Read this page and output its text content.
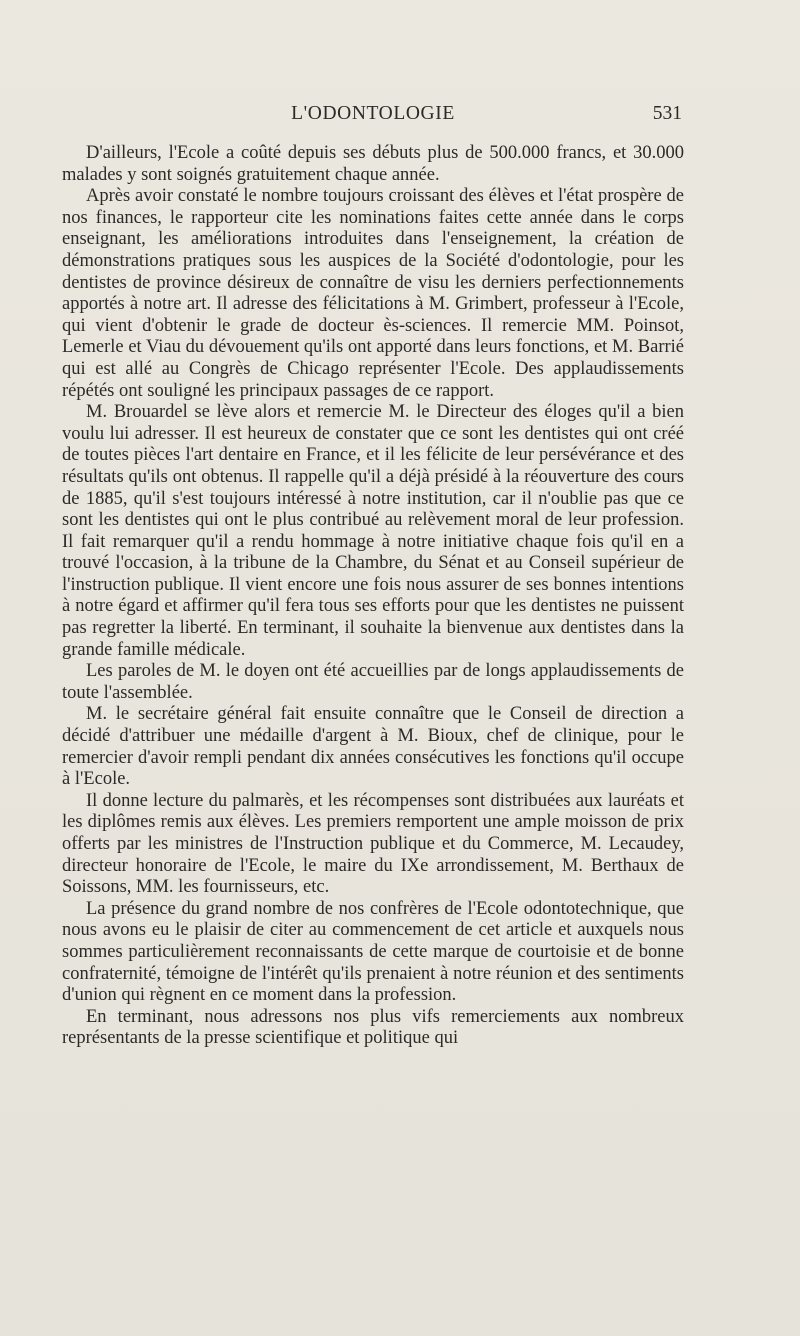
L'ODONTOLOGIE	531

D'ailleurs, l'Ecole a coûté depuis ses débuts plus de 500.000 francs, et 30.000 malades y sont soignés gratuitement chaque année.

Après avoir constaté le nombre toujours croissant des élèves et l'état prospère de nos finances, le rapporteur cite les nominations faites cette année dans le corps enseignant, les améliorations introduites dans l'enseignement, la création de démonstrations pratiques sous les auspices de la Société d'odontologie, pour les dentistes de province désireux de connaître de visu les derniers perfectionnements apportés à notre art. Il adresse des félicitations à M. Grimbert, professeur à l'Ecole, qui vient d'obtenir le grade de docteur ès-sciences. Il remercie MM. Poinsot, Lemerle et Viau du dévouement qu'ils ont apporté dans leurs fonctions, et M. Barrié qui est allé au Congrès de Chicago représenter l'Ecole. Des applaudissements répétés ont souligné les principaux passages de ce rapport.

M. Brouardel se lève alors et remercie M. le Directeur des éloges qu'il a bien voulu lui adresser. Il est heureux de constater que ce sont les dentistes qui ont créé de toutes pièces l'art dentaire en France, et il les félicite de leur persévérance et des résultats qu'ils ont obtenus. Il rappelle qu'il a déjà présidé à la réouverture des cours de 1885, qu'il s'est toujours intéressé à notre institution, car il n'oublie pas que ce sont les dentistes qui ont le plus contribué au relèvement moral de leur profession. Il fait remarquer qu'il a rendu hommage à notre initiative chaque fois qu'il en a trouvé l'occasion, à la tribune de la Chambre, du Sénat et au Conseil supérieur de l'instruction publique. Il vient encore une fois nous assurer de ses bonnes intentions à notre égard et affirmer qu'il fera tous ses efforts pour que les dentistes ne puissent pas regretter la liberté. En terminant, il souhaite la bienvenue aux dentistes dans la grande famille médicale.

Les paroles de M. le doyen ont été accueillies par de longs applaudissements de toute l'assemblée.

M. le secrétaire général fait ensuite connaître que le Conseil de direction a décidé d'attribuer une médaille d'argent à M. Bioux, chef de clinique, pour le remercier d'avoir rempli pendant dix années consécutives les fonctions qu'il occupe à l'Ecole.

Il donne lecture du palmarès, et les récompenses sont distribuées aux lauréats et les diplômes remis aux élèves. Les premiers remportent une ample moisson de prix offerts par les ministres de l'Instruction publique et du Commerce, M. Lecaudey, directeur honoraire de l'Ecole, le maire du IXe arrondissement, M. Berthaux de Soissons, MM. les fournisseurs, etc.

La présence du grand nombre de nos confrères de l'Ecole odontotechnique, que nous avons eu le plaisir de citer au commencement de cet article et auxquels nous sommes particulièrement reconnaissants de cette marque de courtoisie et de bonne confraternité, témoigne de l'intérêt qu'ils prenaient à notre réunion et des sentiments d'union qui règnent en ce moment dans la profession.

En terminant, nous adressons nos plus vifs remerciements aux nombreux représentants de la presse scientifique et politique qui
